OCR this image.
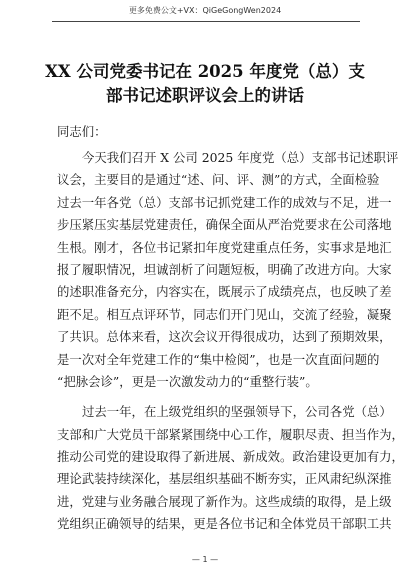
更多免费公文+VX：QiGeGongWen2024
XX 公司党委书记在 2025 年度党（总）支
部书记述职评议会上的讲话

同志们：

今天我们召开 X 公司 2025 年度党（总）支部书记述职评
议会，主要目的是通过“述、问、评、测”的方式，全面检验
过去一年各党（总）支部书记抓党建工作的成效与不足，进一
步压紧压实基层党建责任，确保全面从严治党要求在公司落地
生根。刚才，各位书记紧扣年度党建重点任务，实事求是地汇
报了履职情况，坦诚剖析了问题短板，明确了改进方向。大家
的述职准备充分，内容实在，既展示了成绩亮点，也反映了差
距不足。相互点评环节，同志们开门见山，交流了经验，凝聚
了共识。总体来看，这次会议开得很成功，达到了预期效果，
是一次对全年党建工作的“集中检阅”，也是一次直面问题的
“把脉会诊”，更是一次激发动力的“重整行装”。

过去一年，在上级党组织的坚强领导下，公司各党（总）
支部和广大党员干部紧紧围绕中心工作，履职尽责、担当作为，
推动公司党的建设取得了新进展、新成效。政治建设更加有力，
理论武装持续深化，基层组织基础不断夯实，正风肃纪纵深推
进，党建与业务融合展现了新作为。这些成绩的取得，是上级
党组织正确领导的结果，更是各位书记和全体党员干部职工共

— 1 —
